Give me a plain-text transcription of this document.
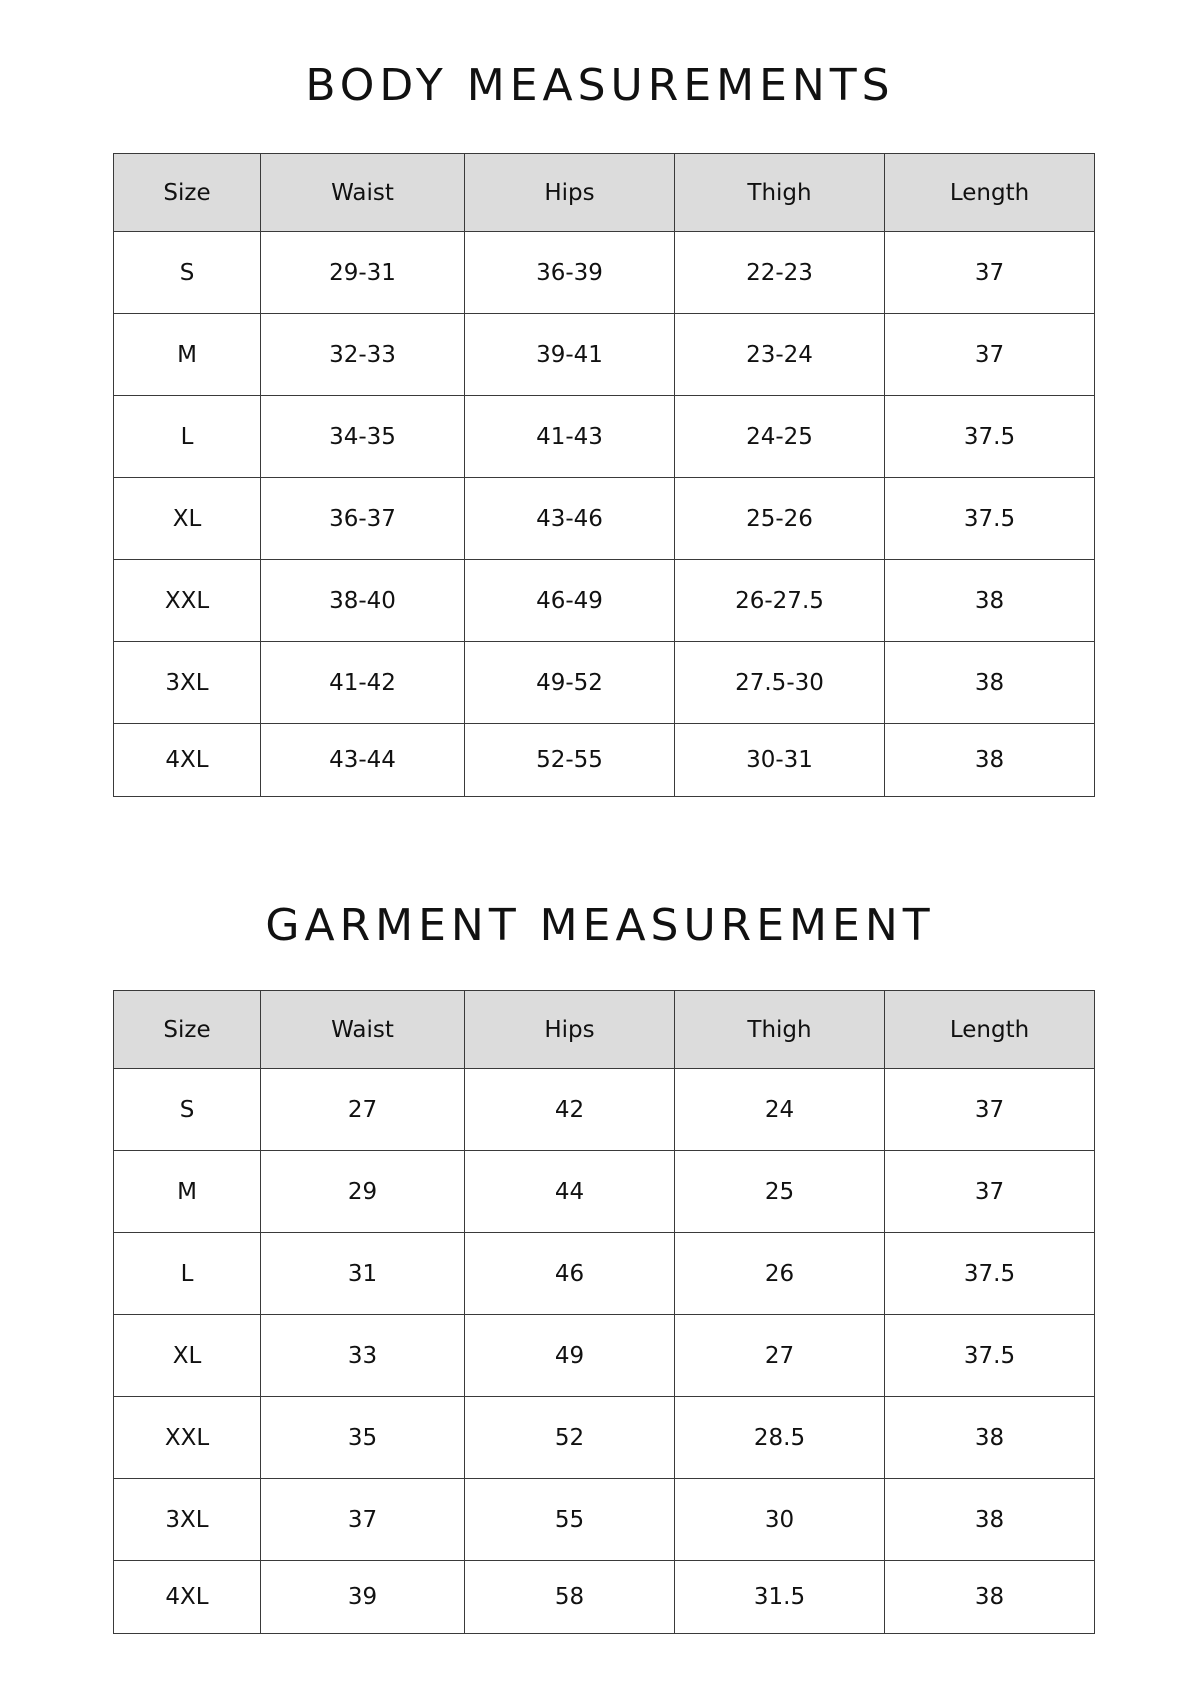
BODY MEASUREMENTS
Size	Waist	Hips	Thigh	Length
S	29-31	36-39	22-23	37
M	32-33	39-41	23-24	37
L	34-35	41-43	24-25	37.5
XL	36-37	43-46	25-26	37.5
XXL	38-40	46-49	26-27.5	38
3XL	41-42	49-52	27.5-30	38
4XL	43-44	52-55	30-31	38
GARMENT MEASUREMENT
Size	Waist	Hips	Thigh	Length
S	27	42	24	37
M	29	44	25	37
L	31	46	26	37.5
XL	33	49	27	37.5
XXL	35	52	28.5	38
3XL	37	55	30	38
4XL	39	58	31.5	38
